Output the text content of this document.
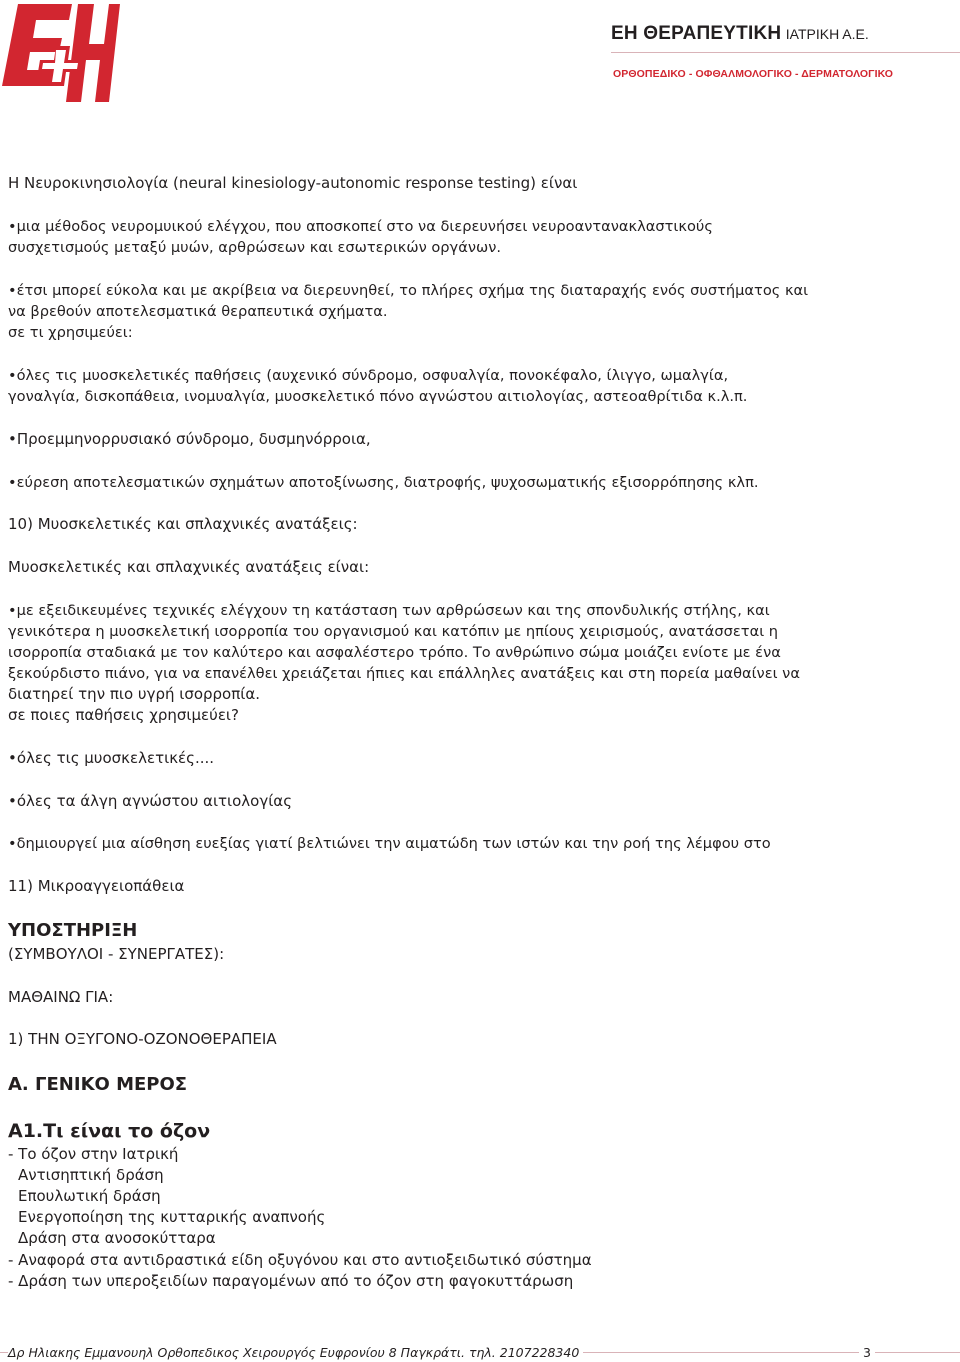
ΕΗ ΘΕΡΑΠΕΥΤΙΚΗ ΙΑΤΡΙΚΗ Α.Ε.
ΟΡΘΟΠΕΔΙΚΟ - ΟΦΘΑΛΜΟΛΟΓΙΚΟ - ΔΕΡΜΑΤΟΛΟΓΙΚΟ
Η Νευροκινησιολογία (neural kinesiology-autonomic response testing) είναι
•μια μέθοδος νευρομυικού ελέγχου, που αποσκοπεί στο να διερευνήσει νευροαντανακλαστικούς
συσχετισμούς μεταξύ μυών, αρθρώσεων και εσωτερικών οργάνων.
•έτσι μπορεί εύκολα και με ακρίβεια να διερευνηθεί, το πλήρες σχήμα της διαταραχής ενός συστήματος και
να βρεθούν αποτελεσματικά θεραπευτικά σχήματα.
σε τι χρησιμεύει:
•όλες τις μυοσκελετικές παθήσεις (αυχενικό σύνδρομο, οσφυαλγία, πονοκέφαλο, ίλιγγο, ωμαλγία,
γοναλγία, δισκοπάθεια, ινομυαλγία, μυοσκελετικό πόνο αγνώστου αιτιολογίας, αστεοαθρίτιδα κ.λ.π.
•Προεμμηνορρυσιακό σύνδρομο, δυσμηνόρροια,
•εύρεση αποτελεσματικών σχημάτων αποτοξίνωσης, διατροφής, ψυχοσωματικής εξισορρόπησης κλπ.
10) Μυοσκελετικές και σπλαχνικές ανατάξεις:
Μυοσκελετικές και σπλαχνικές ανατάξεις είναι:
•με εξειδικευμένες τεχνικές ελέγχουν τη κατάσταση των αρθρώσεων και της σπονδυλικής στήλης, και
γενικότερα η μυοσκελετική ισορροπία του οργανισμού και κατόπιν με ηπίους χειρισμούς, ανατάσσεται η
ισορροπία σταδιακά με τον καλύτερο και ασφαλέστερο τρόπο. Το ανθρώπινο σώμα μοιάζει ενίοτε με ένα
ξεκούρδιστο πιάνο, για να επανέλθει χρειάζεται ήπιες και επάλληλες ανατάξεις και στη πορεία μαθαίνει να
διατηρεί την πιο υγρή ισορροπία.
σε ποιες παθήσεις χρησιμεύει?
•όλες τις μυοσκελετικές....
•όλες τα άλγη αγνώστου αιτιολογίας
•δημιουργεί μια αίσθηση ευεξίας γιατί βελτιώνει την αιματώδη των ιστών και την ροή της λέμφου στο
11) Μικροαγγειοπάθεια
ΥΠΟΣΤΗΡΙΞΗ
(ΣΥΜΒΟΥΛΟΙ - ΣΥΝΕΡΓΑΤΕΣ):
ΜΑΘΑΙΝΩ ΓΙΑ:
1) ΤΗΝ ΟΞΥΓΟΝΟ-ΟΖΟΝΟΘΕΡΑΠΕΙΑ
Α. ΓΕΝΙΚΟ ΜΕΡΟΣ
Α1.Τι είναι το όζον
- Το όζον στην Ιατρική
Αντισηπτική δράση
Επουλωτική δράση
Ενεργοποίηση της κυτταρικής αναπνοής
Δράση στα ανοσοκύτταρα
- Αναφορά στα αντιδραστικά είδη οξυγόνου και στο αντιοξειδωτικό σύστημα
- Δράση των υπεροξειδίων παραγομένων από το όζον στη φαγοκυττάρωση
Δρ Ηλιακης Εμμανουηλ Ορθοπεδικος Χειρουργός Ευφρονίου 8 Παγκράτι. τηλ. 2107228340	3
